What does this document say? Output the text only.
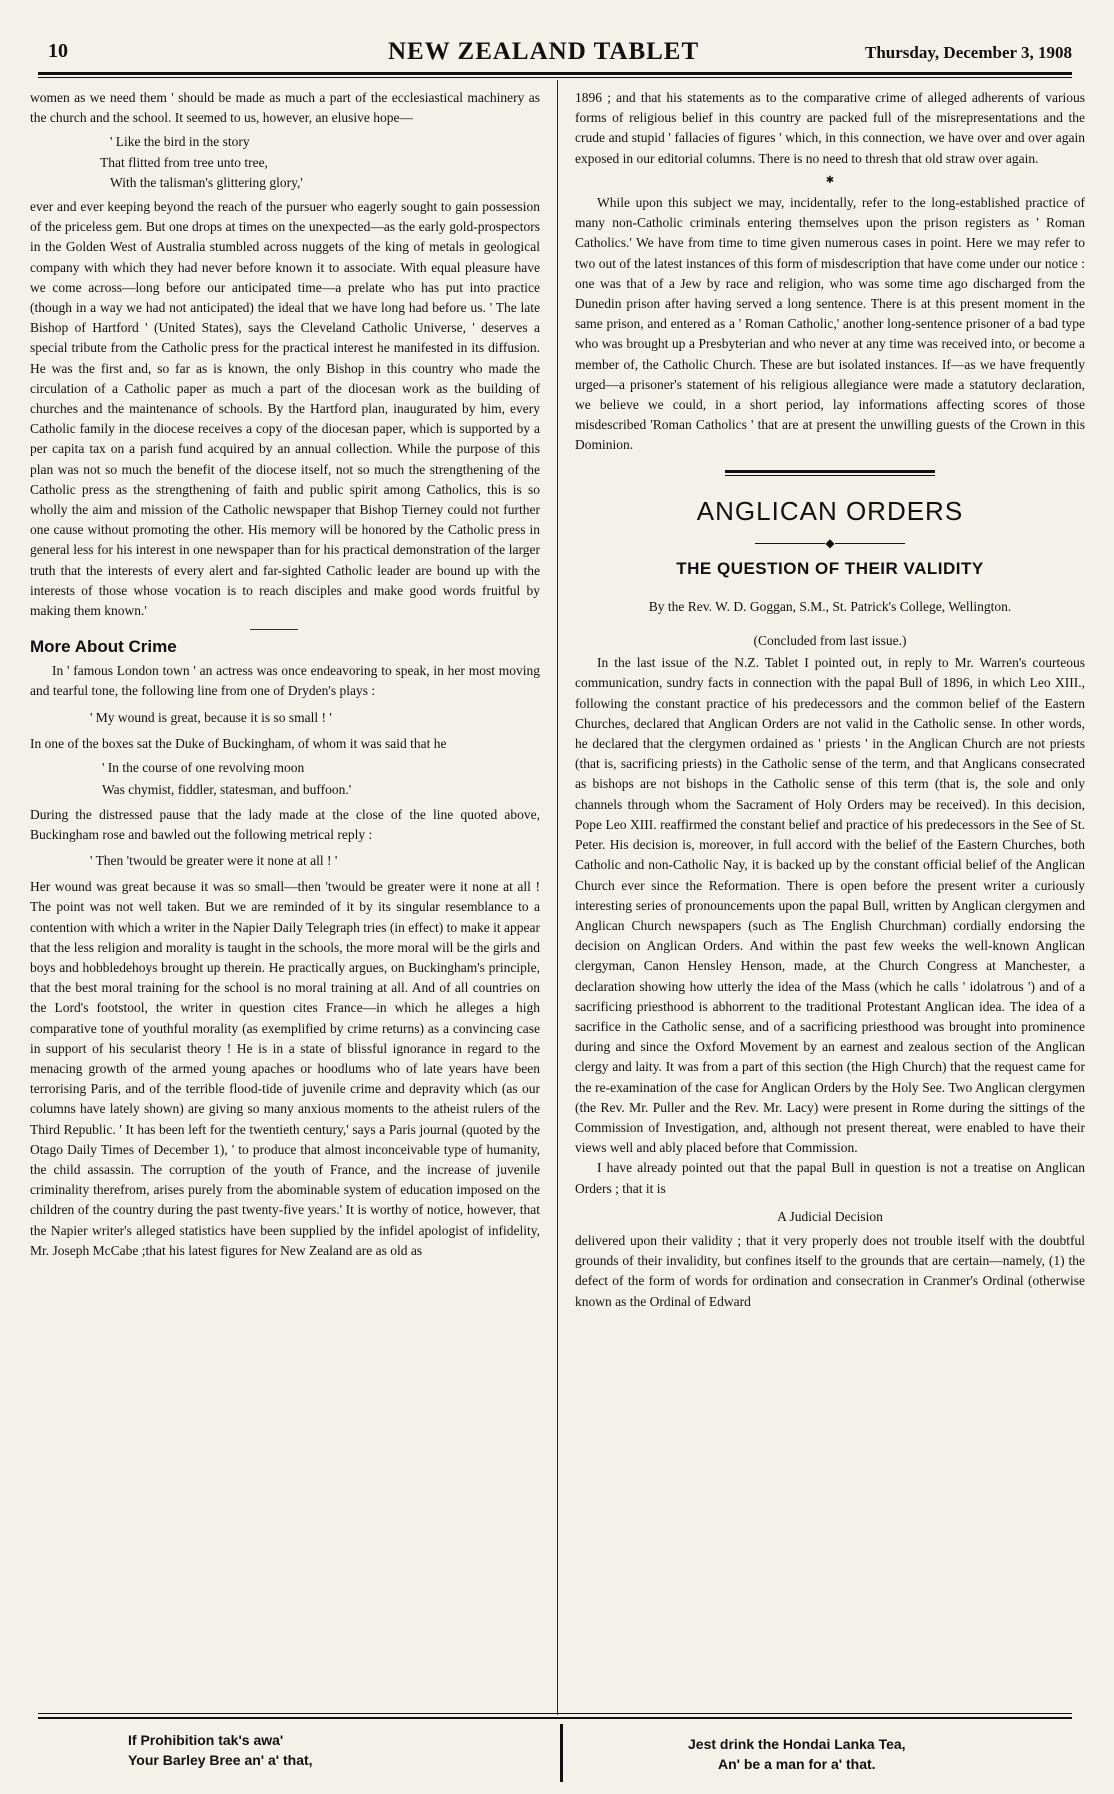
10	NEW ZEALAND TABLET	Thursday, December 3, 1908

women as we need them ' should be made as much a part of the ecclesiastical machinery as the church and the school. It seemed to us, however, an elusive hope—

' Like the bird in the story
That flitted from tree unto tree,
With the talisman's glittering glory,'

ever and ever keeping beyond the reach of the pursuer who eagerly sought to gain possession of the priceless gem. But one drops at times on the unexpected—as the early gold-prospectors in the Golden West of Australia stumbled across nuggets of the king of metals in geological company with which they had never before known it to associate. With equal pleasure have we come across—long before our anticipated time—a prelate who has put into practice (though in a way we had not anticipated) the ideal that we have long had before us. ' The late Bishop of Hartford ' (United States), says the Cleveland Catholic Universe, ' deserves a special tribute from the Catholic press for the practical interest he manifested in its diffusion. He was the first and, so far as is known, the only Bishop in this country who made the circulation of a Catholic paper as much a part of the diocesan work as the building of churches and the maintenance of schools. By the Hartford plan, inaugurated by him, every Catholic family in the diocese receives a copy of the diocesan paper, which is supported by a per capita tax on a parish fund acquired by an annual collection. While the purpose of this plan was not so much the benefit of the diocese itself, not so much the strengthening of the Catholic press as the strengthening of faith and public spirit among Catholics, this is so wholly the aim and mission of the Catholic newspaper that Bishop Tierney could not further one cause without promoting the other. His memory will be honored by the Catholic press in general less for his interest in one newspaper than for his practical demonstration of the larger truth that the interests of every alert and far-sighted Catholic leader are bound up with the interests of those whose vocation is to reach disciples and make good words fruitful by making them known.'

More About Crime

In ' famous London town ' an actress was once endeavoring to speak, in her most moving and tearful tone, the following line from one of Dryden's plays :

' My wound is great, because it is so small ! '

In one of the boxes sat the Duke of Buckingham, of whom it was said that he

' In the course of one revolving moon
Was chymist, fiddler, statesman, and buffoon.'

During the distressed pause that the lady made at the close of the line quoted above, Buckingham rose and bawled out the following metrical reply :

' Then 'twould be greater were it none at all ! '

Her wound was great because it was so small—then 'twould be greater were it none at all ! The point was not well taken. But we are reminded of it by its singular resemblance to a contention with which a writer in the Napier Daily Telegraph tries (in effect) to make it appear that the less religion and morality is taught in the schools, the more moral will be the girls and boys and hobbledehoys brought up therein. He practically argues, on Buckingham's principle, that the best moral training for the school is no moral training at all. And of all countries on the Lord's footstool, the writer in question cites France—in which he alleges a high comparative tone of youthful morality (as exemplified by crime returns) as a convincing case in support of his secularist theory ! He is in a state of blissful ignorance in regard to the menacing growth of the armed young apaches or hoodlums who of late years have been terrorising Paris, and of the terrible flood-tide of juvenile crime and depravity which (as our columns have lately shown) are giving so many anxious moments to the atheist rulers of the Third Republic. ' It has been left for the twentieth century,' says a Paris journal (quoted by the Otago Daily Times of December 1), ' to produce that almost inconceivable type of humanity, the child assassin. The corruption of the youth of France, and the increase of juvenile criminality therefrom, arises purely from the abominable system of education imposed on the children of the country during the past twenty-five years.' It is worthy of notice, however, that the Napier writer's alleged statistics have been supplied by the infidel apologist of infidelity, Mr. Joseph McCabe ;that his latest figures for New Zealand are as old as

1896 ; and that his statements as to the comparative crime of alleged adherents of various forms of religious belief in this country are packed full of the misrepresentations and the crude and stupid ' fallacies of figures ' which, in this connection, we have over and over again exposed in our editorial columns. There is no need to thresh that old straw over again.

✱

While upon this subject we may, incidentally, refer to the long-established practice of many non-Catholic criminals entering themselves upon the prison registers as ' Roman Catholics.' We have from time to time given numerous cases in point. Here we may refer to two out of the latest instances of this form of misdescription that have come under our notice : one was that of a Jew by race and religion, who was some time ago discharged from the Dunedin prison after having served a long sentence. There is at this present moment in the same prison, and entered as a ' Roman Catholic,' another long-sentence prisoner of a bad type who was brought up a Presbyterian and who never at any time was received into, or become a member of, the Catholic Church. These are but isolated instances. If—as we have frequently urged—a prisoner's statement of his religious allegiance were made a statutory declaration, we believe we could, in a short period, lay informations affecting scores of those misdescribed 'Roman Catholics ' that are at present the unwilling guests of the Crown in this Dominion.

ANGLICAN ORDERS
◆
THE QUESTION OF THEIR VALIDITY
By the Rev. W. D. Goggan, S.M., St. Patrick's College, Wellington.
(Concluded from last issue.)

In the last issue of the N.Z. Tablet I pointed out, in reply to Mr. Warren's courteous communication, sundry facts in connection with the papal Bull of 1896, in which Leo XIII., following the constant practice of his predecessors and the common belief of the Eastern Churches, declared that Anglican Orders are not valid in the Catholic sense. In other words, he declared that the clergymen ordained as ' priests ' in the Anglican Church are not priests (that is, sacrificing priests) in the Catholic sense of the term, and that Anglicans consecrated as bishops are not bishops in the Catholic sense of this term (that is, the sole and only channels through whom the Sacrament of Holy Orders may be received). In this decision, Pope Leo XIII. reaffirmed the constant belief and practice of his predecessors in the See of St. Peter. His decision is, moreover, in full accord with the belief of the Eastern Churches, both Catholic and non-Catholic Nay, it is backed up by the constant official belief of the Anglican Church ever since the Reformation. There is open before the present writer a curiously interesting series of pronouncements upon the papal Bull, written by Anglican clergymen and Anglican Church newspapers (such as The English Churchman) cordially endorsing the decision on Anglican Orders. And within the past few weeks the well-known Anglican clergyman, Canon Hensley Henson, made, at the Church Congress at Manchester, a declaration showing how utterly the idea of the Mass (which he calls ' idolatrous ') and of a sacrificing priesthood is abhorrent to the traditional Protestant Anglican idea. The idea of a sacrifice in the Catholic sense, and of a sacrificing priesthood was brought into prominence during and since the Oxford Movement by an earnest and zealous section of the Anglican clergy and laity. It was from a part of this section (the High Church) that the request came for the re-examination of the case for Anglican Orders by the Holy See. Two Anglican clergymen (the Rev. Mr. Puller and the Rev. Mr. Lacy) were present in Rome during the sittings of the Commission of Investigation, and, although not present thereat, were enabled to have their views well and ably placed before that Commission.

I have already pointed out that the papal Bull in question is not a treatise on Anglican Orders ; that it is

A Judicial Decision

delivered upon their validity ; that it very properly does not trouble itself with the doubtful grounds of their invalidity, but confines itself to the grounds that are certain—namely, (1) the defect of the form of words for ordination and consecration in Cranmer's Ordinal (otherwise known as the Ordinal of Edward

If Prohibition tak's awa'
Your Barley Bree an' a' that,
Jest drink the Hondai Lanka Tea,
An' be a man for a' that.
